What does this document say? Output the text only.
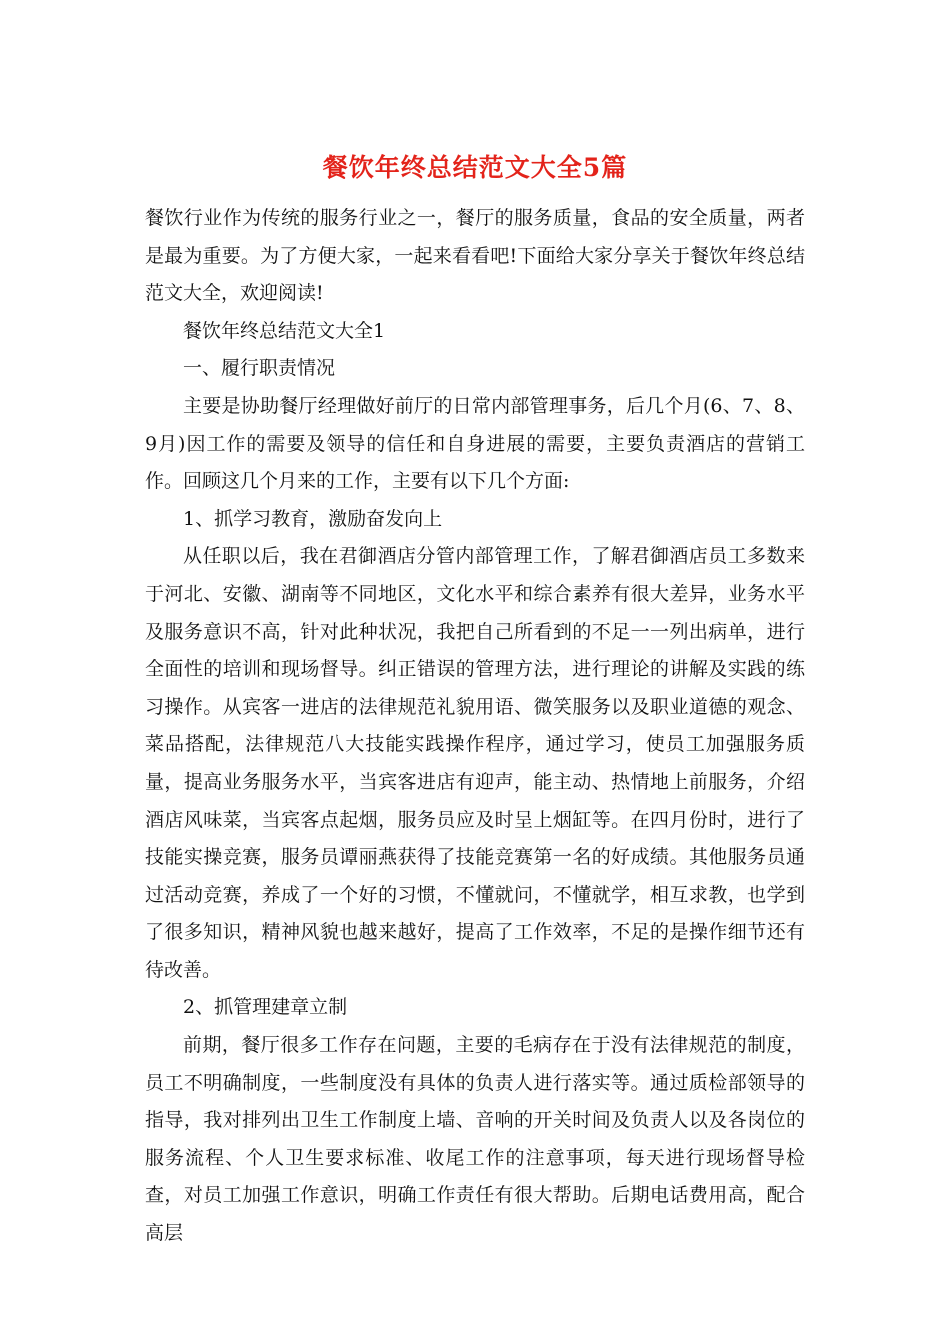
餐饮年终总结范文大全5篇

餐饮行业作为传统的服务行业之一，餐厅的服务质量，食品的安全质量，两者是最为重要。为了方便大家，一起来看看吧!下面给大家分享关于餐饮年终总结范文大全，欢迎阅读!

餐饮年终总结范文大全1

一、履行职责情况

主要是协助餐厅经理做好前厅的日常内部管理事务，后几个月(6、7、8、9月)因工作的需要及领导的信任和自身进展的需要，主要负责酒店的营销工作。回顾这几个月来的工作，主要有以下几个方面:

1、抓学习教育，激励奋发向上

从任职以后，我在君御酒店分管内部管理工作，了解君御酒店员工多数来于河北、安徽、湖南等不同地区，文化水平和综合素养有很大差异，业务水平及服务意识不高，针对此种状况，我把自己所看到的不足一一列出病单，进行全面性的培训和现场督导。纠正错误的管理方法，进行理论的讲解及实践的练习操作。从宾客一进店的法律规范礼貌用语、微笑服务以及职业道德的观念、菜品搭配，法律规范八大技能实践操作程序，通过学习，使员工加强服务质量，提高业务服务水平，当宾客进店有迎声，能主动、热情地上前服务，介绍酒店风味菜，当宾客点起烟，服务员应及时呈上烟缸等。在四月份时，进行了技能实操竞赛，服务员谭丽燕获得了技能竞赛第一名的好成绩。其他服务员通过活动竞赛，养成了一个好的习惯，不懂就问，不懂就学，相互求教，也学到了很多知识，精神风貌也越来越好，提高了工作效率，不足的是操作细节还有待改善。

2、抓管理建章立制

前期，餐厅很多工作存在问题，主要的毛病存在于没有法律规范的制度，员工不明确制度，一些制度没有具体的负责人进行落实等。通过质检部领导的指导，我对排列出卫生工作制度上墙、音响的开关时间及负责人以及各岗位的服务流程、个人卫生要求标准、收尾工作的注意事项，每天进行现场督导检查，对员工加强工作意识，明确工作责任有很大帮助。后期电话费用高，配合高层
